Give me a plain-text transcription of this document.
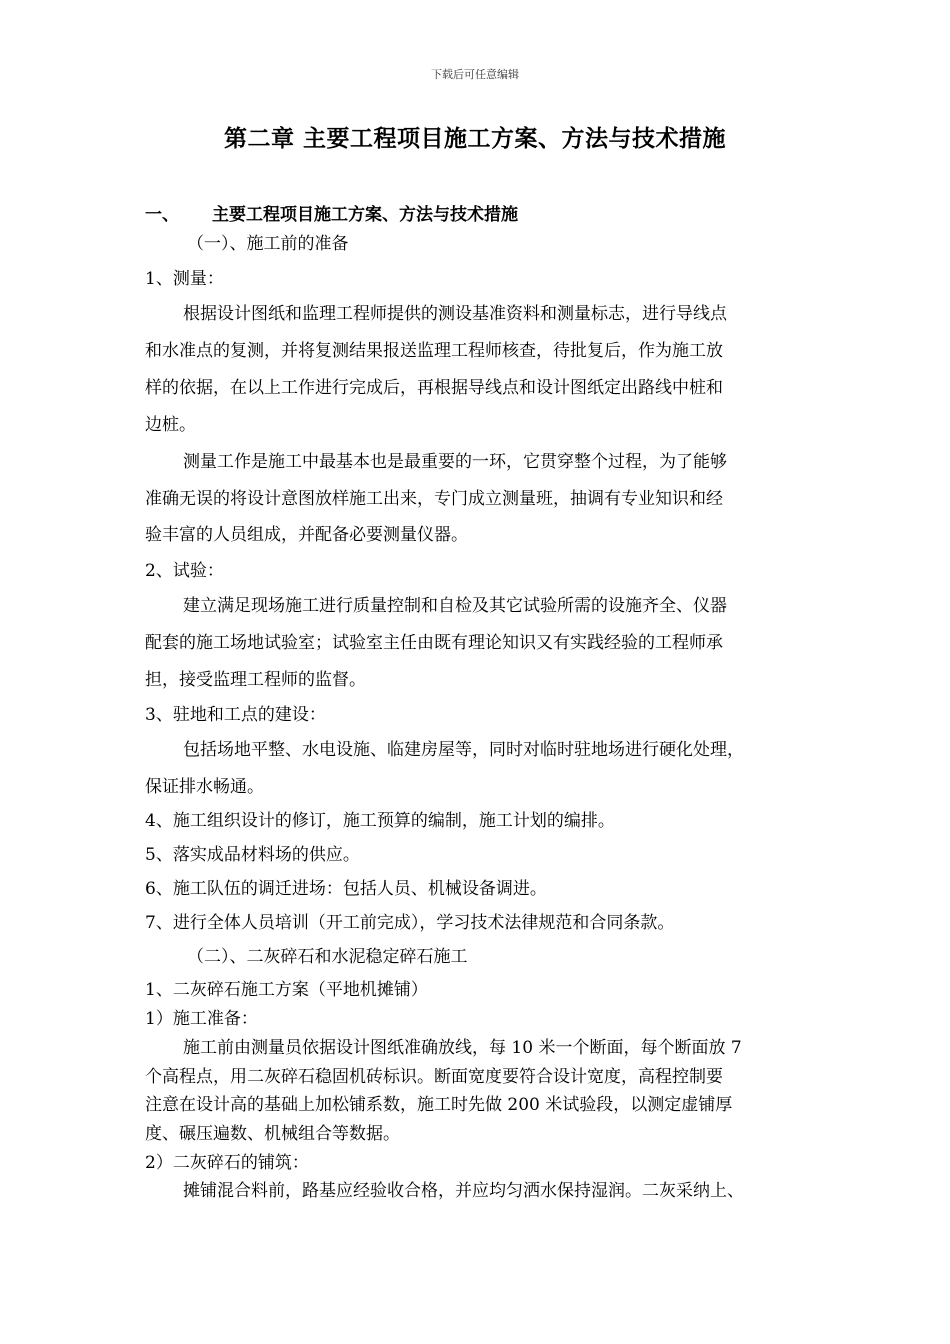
下载后可任意编辑
第二章 主要工程项目施工方案、方法与技术措施
一、 主要工程项目施工方案、方法与技术措施
（一）、施工前的准备
1、测量：
根据设计图纸和监理工程师提供的测设基准资料和测量标志，进行导线点
和水准点的复测，并将复测结果报送监理工程师核查，待批复后，作为施工放
样的依据，在以上工作进行完成后，再根据导线点和设计图纸定出路线中桩和
边桩。
测量工作是施工中最基本也是最重要的一环，它贯穿整个过程，为了能够
准确无误的将设计意图放样施工出来，专门成立测量班，抽调有专业知识和经
验丰富的人员组成，并配备必要测量仪器。
2、试验：
建立满足现场施工进行质量控制和自检及其它试验所需的设施齐全、仪器
配套的施工场地试验室；试验室主任由既有理论知识又有实践经验的工程师承
担，接受监理工程师的监督。
3、驻地和工点的建设：
包括场地平整、水电设施、临建房屋等，同时对临时驻地场进行硬化处理，
保证排水畅通。
4、施工组织设计的修订，施工预算的编制，施工计划的编排。
5、落实成品材料场的供应。
6、施工队伍的调迁进场：包括人员、机械设备调进。
7、进行全体人员培训（开工前完成），学习技术法律规范和合同条款。
（二）、二灰碎石和水泥稳定碎石施工
1、二灰碎石施工方案（平地机摊铺）
1）施工准备：
施工前由测量员依据设计图纸准确放线，每 10 米一个断面，每个断面放 7
个高程点，用二灰碎石稳固机砖标识。断面宽度要符合设计宽度，高程控制要
注意在设计高的基础上加松铺系数，施工时先做 200 米试验段，以测定虚铺厚
度、碾压遍数、机械组合等数据。
2）二灰碎石的铺筑：
摊铺混合料前，路基应经验收合格，并应均匀洒水保持湿润。二灰采纳上、
